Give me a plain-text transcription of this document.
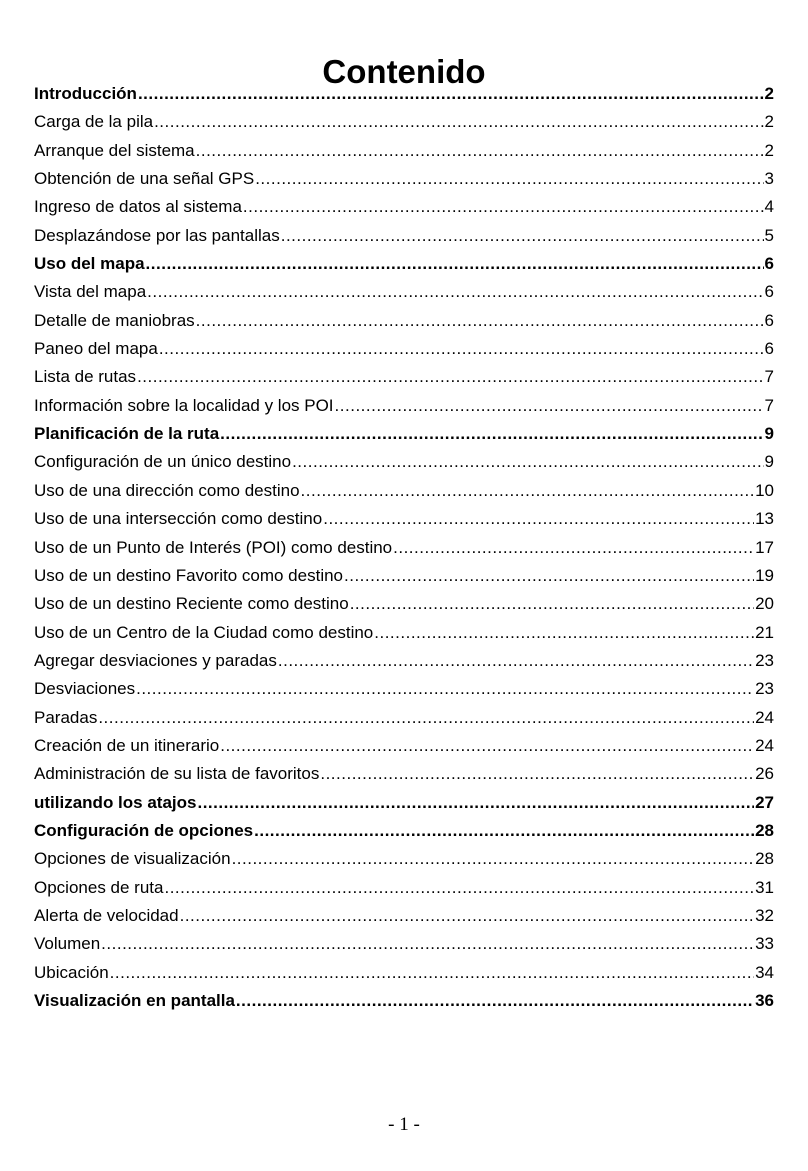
Contenido
Introducción .....	2
Carga de la pila .....	2
Arranque del sistema .....	2
Obtención de una señal GPS .....	3
Ingreso de datos al sistema .....	4
Desplazándose por las pantallas .....	5
Uso del mapa .....	6
Vista del mapa .....	6
Detalle de maniobras .....	6
Paneo del mapa .....	6
Lista de rutas .....	7
Información sobre la localidad y los POI .....	7
Planificación de la ruta .....	9
Configuración de un único destino .....	9
Uso de una dirección como destino .....	10
Uso de una intersección como destino .....	13
Uso de un Punto de Interés (POI) como destino .....	17
Uso de un destino Favorito como destino .....	19
Uso de un destino Reciente como destino .....	20
Uso de un Centro de la Ciudad como destino .....	21
Agregar desviaciones y paradas .....	23
Desviaciones .....	23
Paradas .....	24
Creación de un itinerario .....	24
Administración de su lista de favoritos .....	26
utilizando los atajos .....	27
Configuración de opciones .....	28
Opciones de visualización .....	28
Opciones de ruta .....	31
Alerta de velocidad .....	32
Volumen .....	33
Ubicación .....	34
Visualización en pantalla .....	36
- 1 -
